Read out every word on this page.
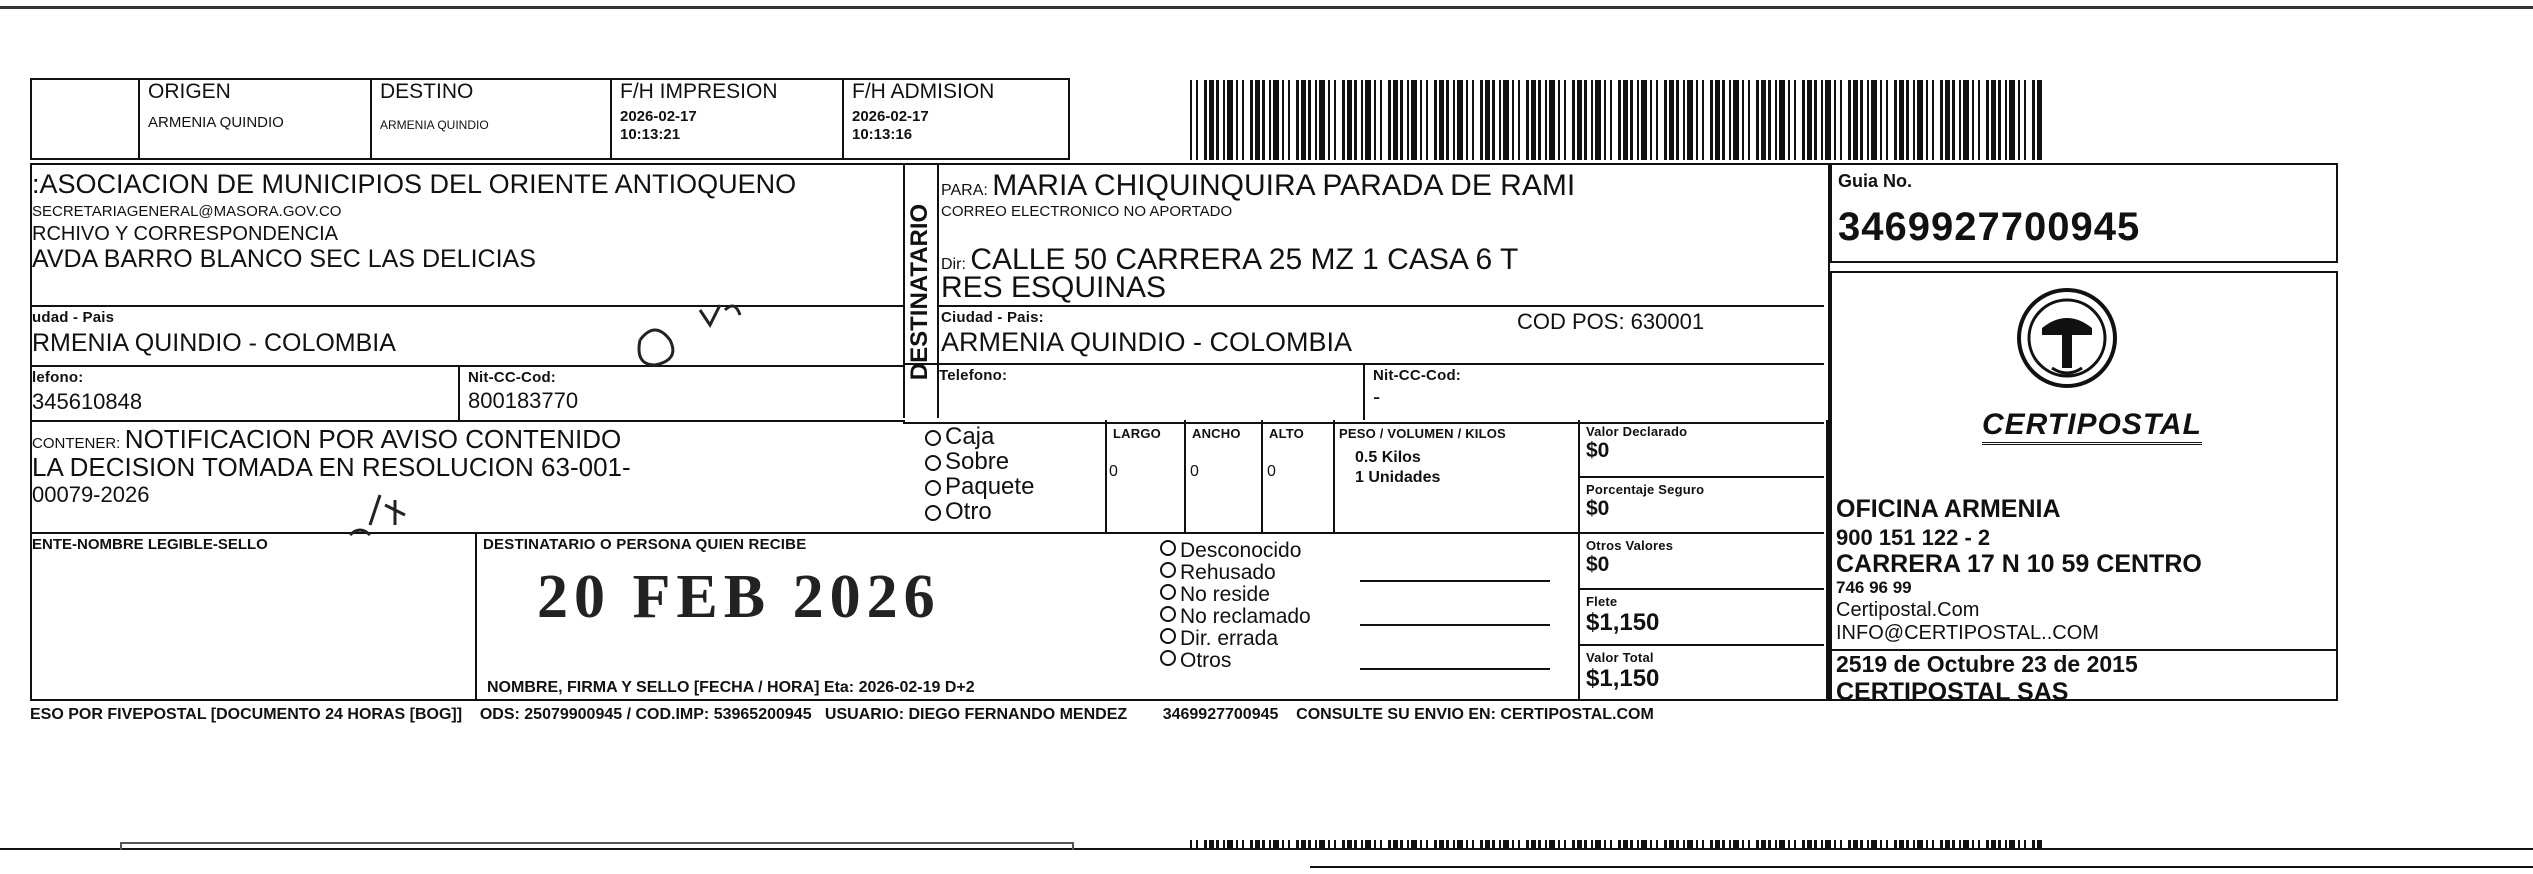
ORIGEN
ARMENIA QUINDIO
DESTINO
ARMENIA QUINDIO
F/H IMPRESION
2026-02-17
10:13:21
F/H ADMISION
2026-02-17
10:13:16
:ASOCIACION DE MUNICIPIOS DEL ORIENTE ANTIOQUENO
SECRETARIAGENERAL@MASORA.GOV.CO
RCHIVO Y CORRESPONDENCIA
AVDA BARRO BLANCO SEC LAS DELICIAS
udad - Pais
RMENIA QUINDIO - COLOMBIA
lefono:
345610848
Nit-CC-Cod:
800183770
DESTINATARIO
PARA: MARIA CHIQUINQUIRA PARADA DE RAMI
CORREO ELECTRONICO NO APORTADO
Dir: CALLE 50 CARRERA 25 MZ 1 CASA 6 T
RES ESQUINAS
Ciudad - Pais:
ARMENIA QUINDIO - COLOMBIA
COD POS: 630001
Telefono:	Nit-CC-Cod:
-
CONTENER: NOTIFICACION POR AVISO CONTENIDO
LA DECISION TOMADA EN RESOLUCION 63-001-
00079-2026
Caja
Sobre
Paquete
Otro
LARGO
0
ANCHO
0
ALTO
0
PESO / VOLUMEN / KILOS
0.5 Kilos
1 Unidades
Valor Declarado
$0
Porcentaje Seguro
$0
Otros Valores
$0
Flete
$1,150
Valor Total
$1,150
ENTE-NOMBRE LEGIBLE-SELLO	DESTINATARIO O PERSONA QUIEN RECIBE
20 FEB 2026
NOMBRE, FIRMA Y SELLO [FECHA / HORA] Eta: 2026-02-19 D+2
Desconocido
Rehusado
No reside
No reclamado
Dir. errada
Otros
Guia No.
3469927700945
CERTIPOSTAL
OFICINA ARMENIA
900 151 122 - 2
CARRERA 17 N 10 59 CENTRO
746 96 99
Certipostal.Com
INFO@CERTIPOSTAL..COM
2519 de Octubre 23 de 2015
CERTIPOSTAL SAS
ESO POR FIVEPOSTAL [DOCUMENTO 24 HORAS [BOG]]    ODS: 25079900945 / COD.IMP: 53965200945   USUARIO: DIEGO FERNANDO MENDEZ        3469927700945    CONSULTE SU ENVIO EN: CERTIPOSTAL.COM
